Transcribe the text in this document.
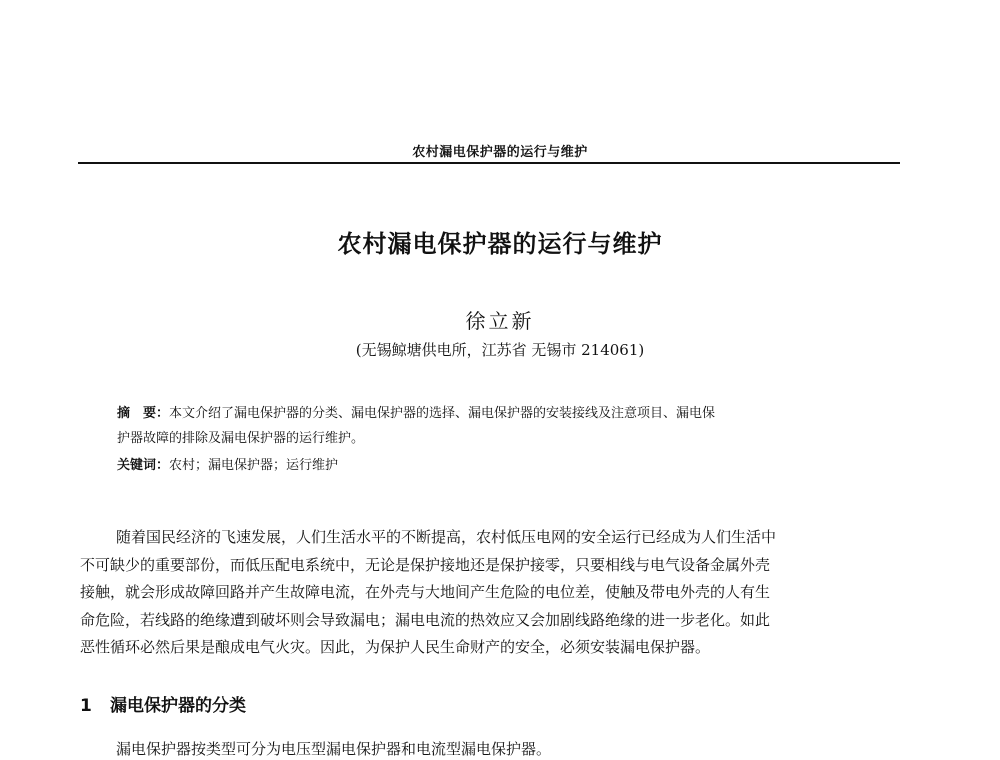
农村漏电保护器的运行与维护
农村漏电保护器的运行与维护
徐立新
(无锡鲸塘供电所，江苏省 无锡市 214061)
摘　要：本文介绍了漏电保护器的分类、漏电保护器的选择、漏电保护器的安装接线及注意项目、漏电保
护器故障的排除及漏电保护器的运行维护。
关键词：农村；漏电保护器；运行维护
随着国民经济的飞速发展，人们生活水平的不断提高，农村低压电网的安全运行已经成为人们生活中
不可缺少的重要部份，而低压配电系统中，无论是保护接地还是保护接零，只要相线与电气设备金属外壳
接触，就会形成故障回路并产生故障电流，在外壳与大地间产生危险的电位差，使触及带电外壳的人有生
命危险，若线路的绝缘遭到破坏则会导致漏电；漏电电流的热效应又会加剧线路绝缘的进一步老化。如此
恶性循环必然后果是酿成电气火灾。因此，为保护人民生命财产的安全，必须安装漏电保护器。
1 漏电保护器的分类
漏电保护器按类型可分为电压型漏电保护器和电流型漏电保护器。
